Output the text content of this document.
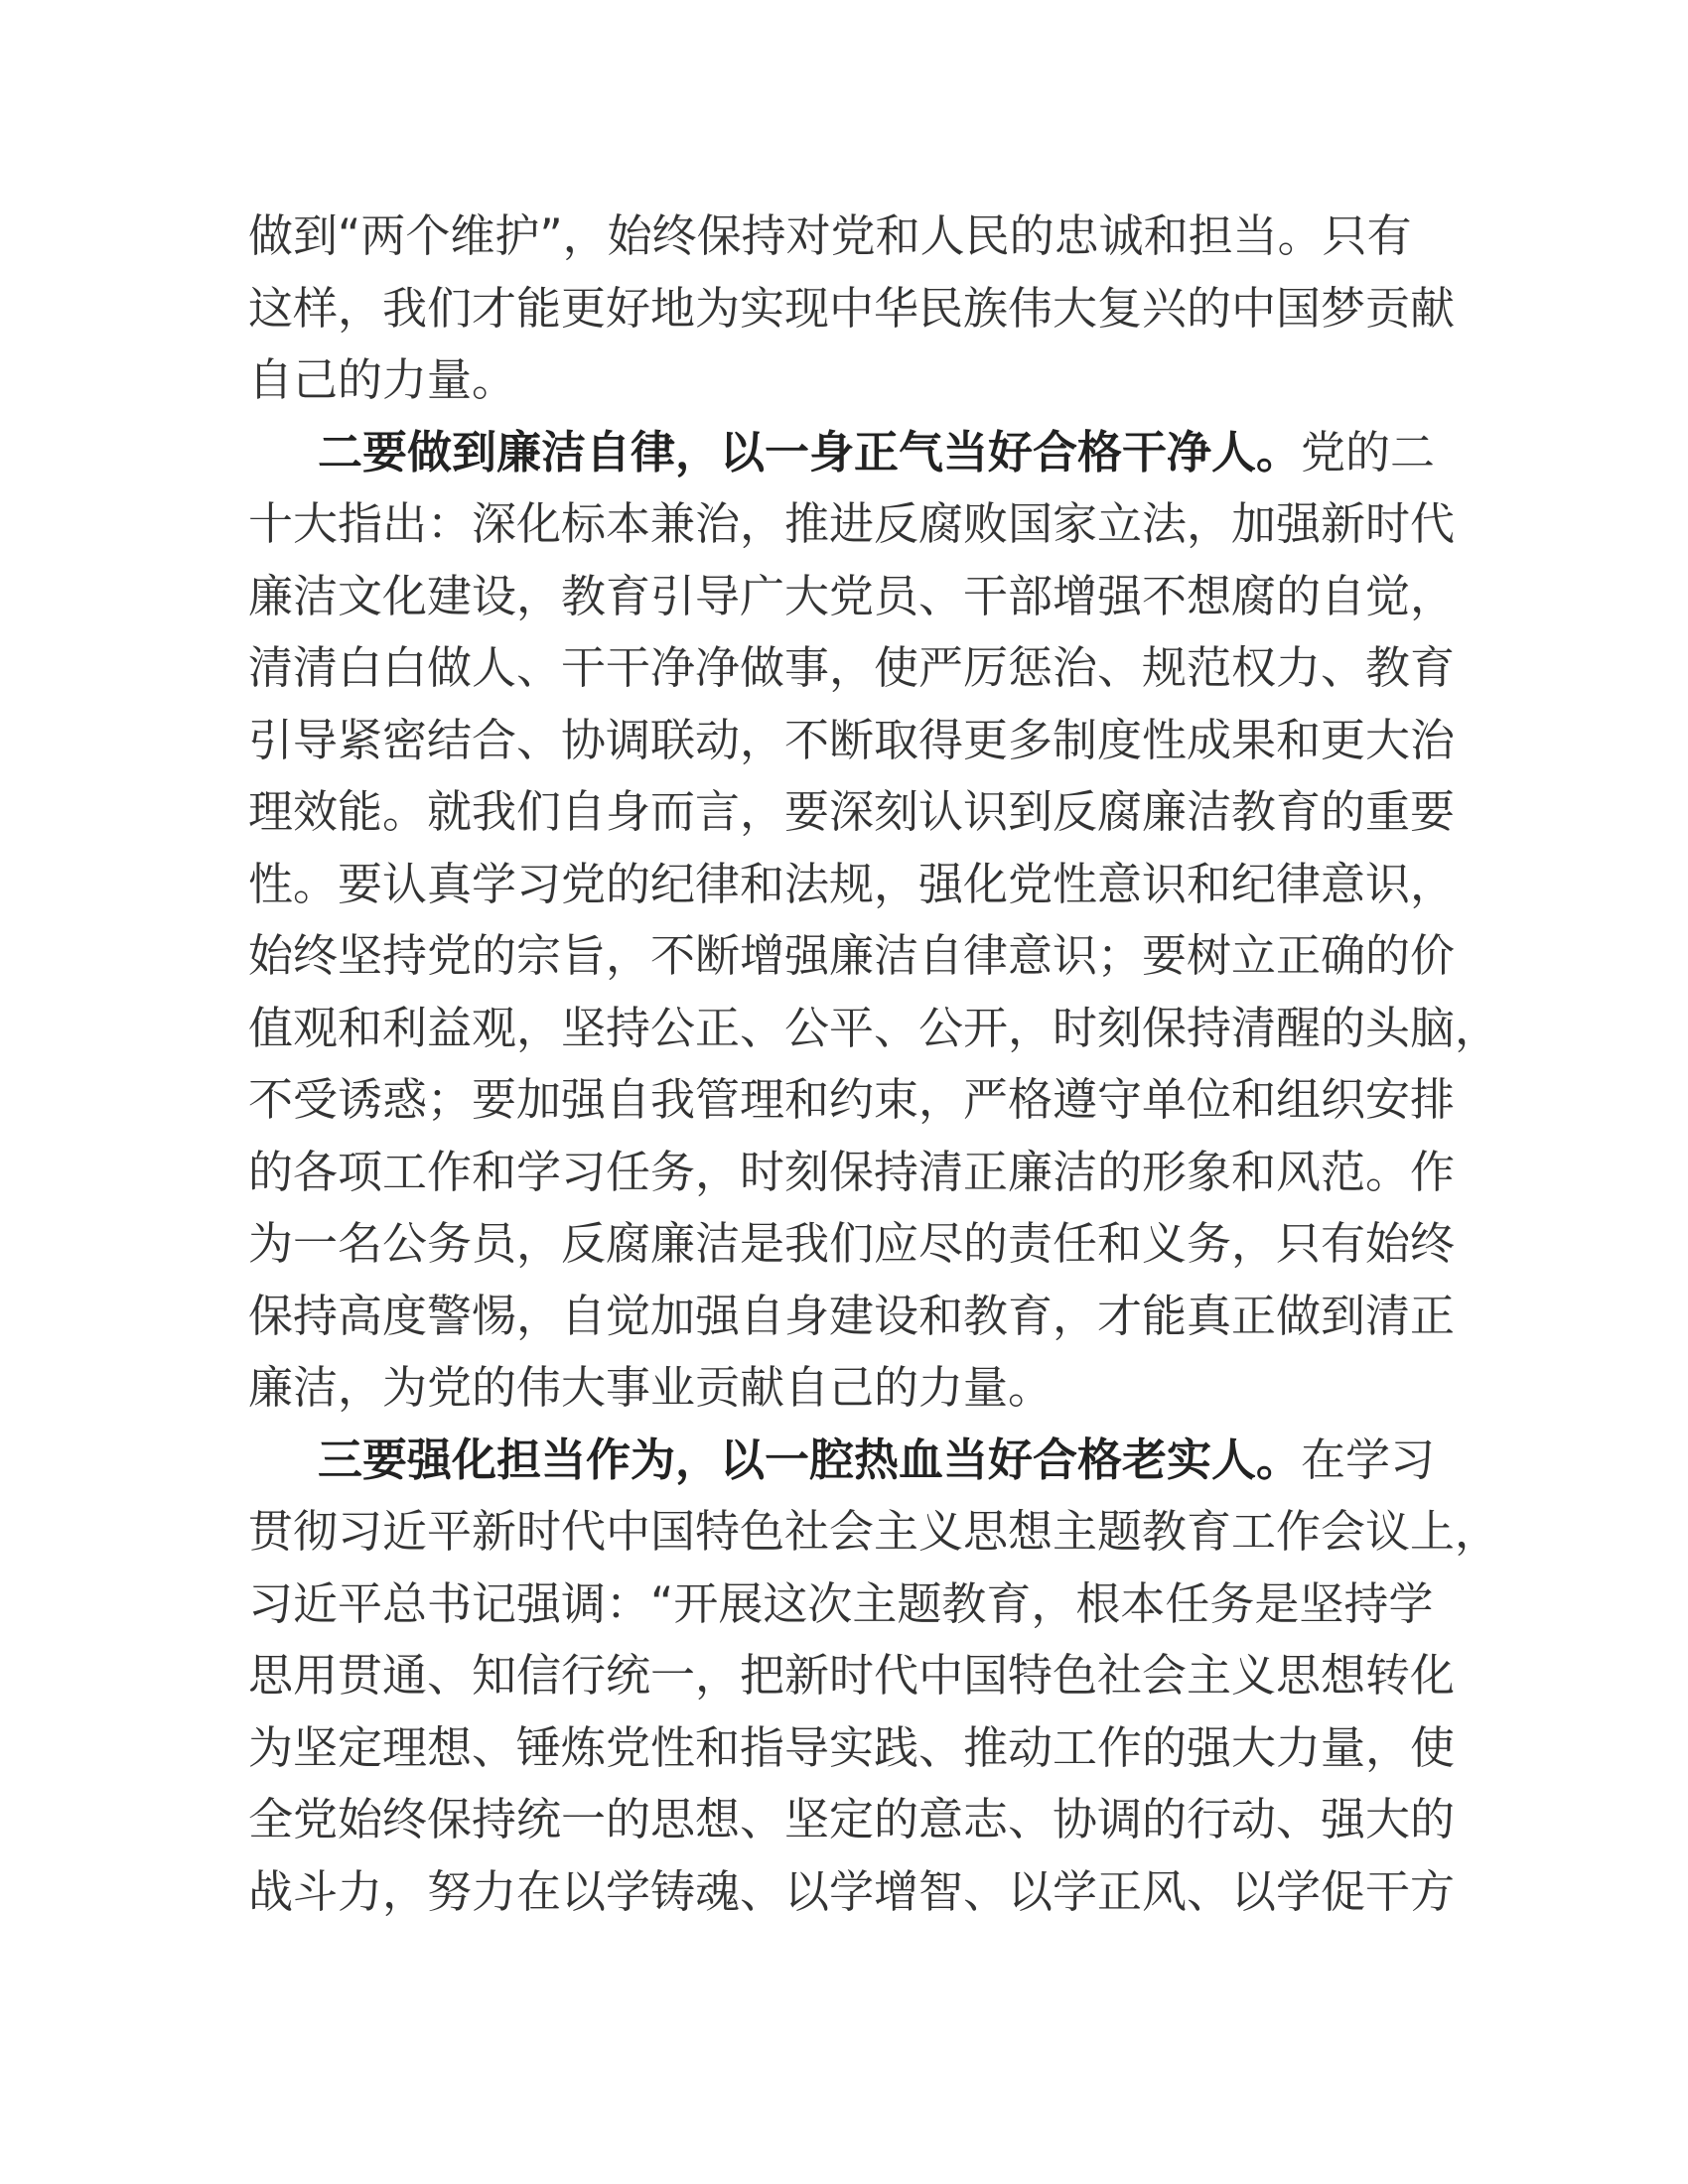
做到“两个维护”，始终保持对党和人民的忠诚和担当。只有
这样，我们才能更好地为实现中华民族伟大复兴的中国梦贡献
自己的力量。
二要做到廉洁自律，以一身正气当好合格干净人。党的二
十大指出：深化标本兼治，推进反腐败国家立法，加强新时代
廉洁文化建设，教育引导广大党员、干部增强不想腐的自觉，
清清白白做人、干干净净做事，使严厉惩治、规范权力、教育
引导紧密结合、协调联动，不断取得更多制度性成果和更大治
理效能。就我们自身而言，要深刻认识到反腐廉洁教育的重要
性。要认真学习党的纪律和法规，强化党性意识和纪律意识，
始终坚持党的宗旨，不断增强廉洁自律意识；要树立正确的价
值观和利益观，坚持公正、公平、公开，时刻保持清醒的头脑，
不受诱惑；要加强自我管理和约束，严格遵守单位和组织安排
的各项工作和学习任务，时刻保持清正廉洁的形象和风范。作
为一名公务员，反腐廉洁是我们应尽的责任和义务，只有始终
保持高度警惕，自觉加强自身建设和教育，才能真正做到清正
廉洁，为党的伟大事业贡献自己的力量。
三要强化担当作为，以一腔热血当好合格老实人。在学习
贯彻习近平新时代中国特色社会主义思想主题教育工作会议上，
习近平总书记强调：“开展这次主题教育，根本任务是坚持学
思用贯通、知信行统一，把新时代中国特色社会主义思想转化
为坚定理想、锤炼党性和指导实践、推动工作的强大力量，使
全党始终保持统一的思想、坚定的意志、协调的行动、强大的
战斗力，努力在以学铸魂、以学增智、以学正风、以学促干方
